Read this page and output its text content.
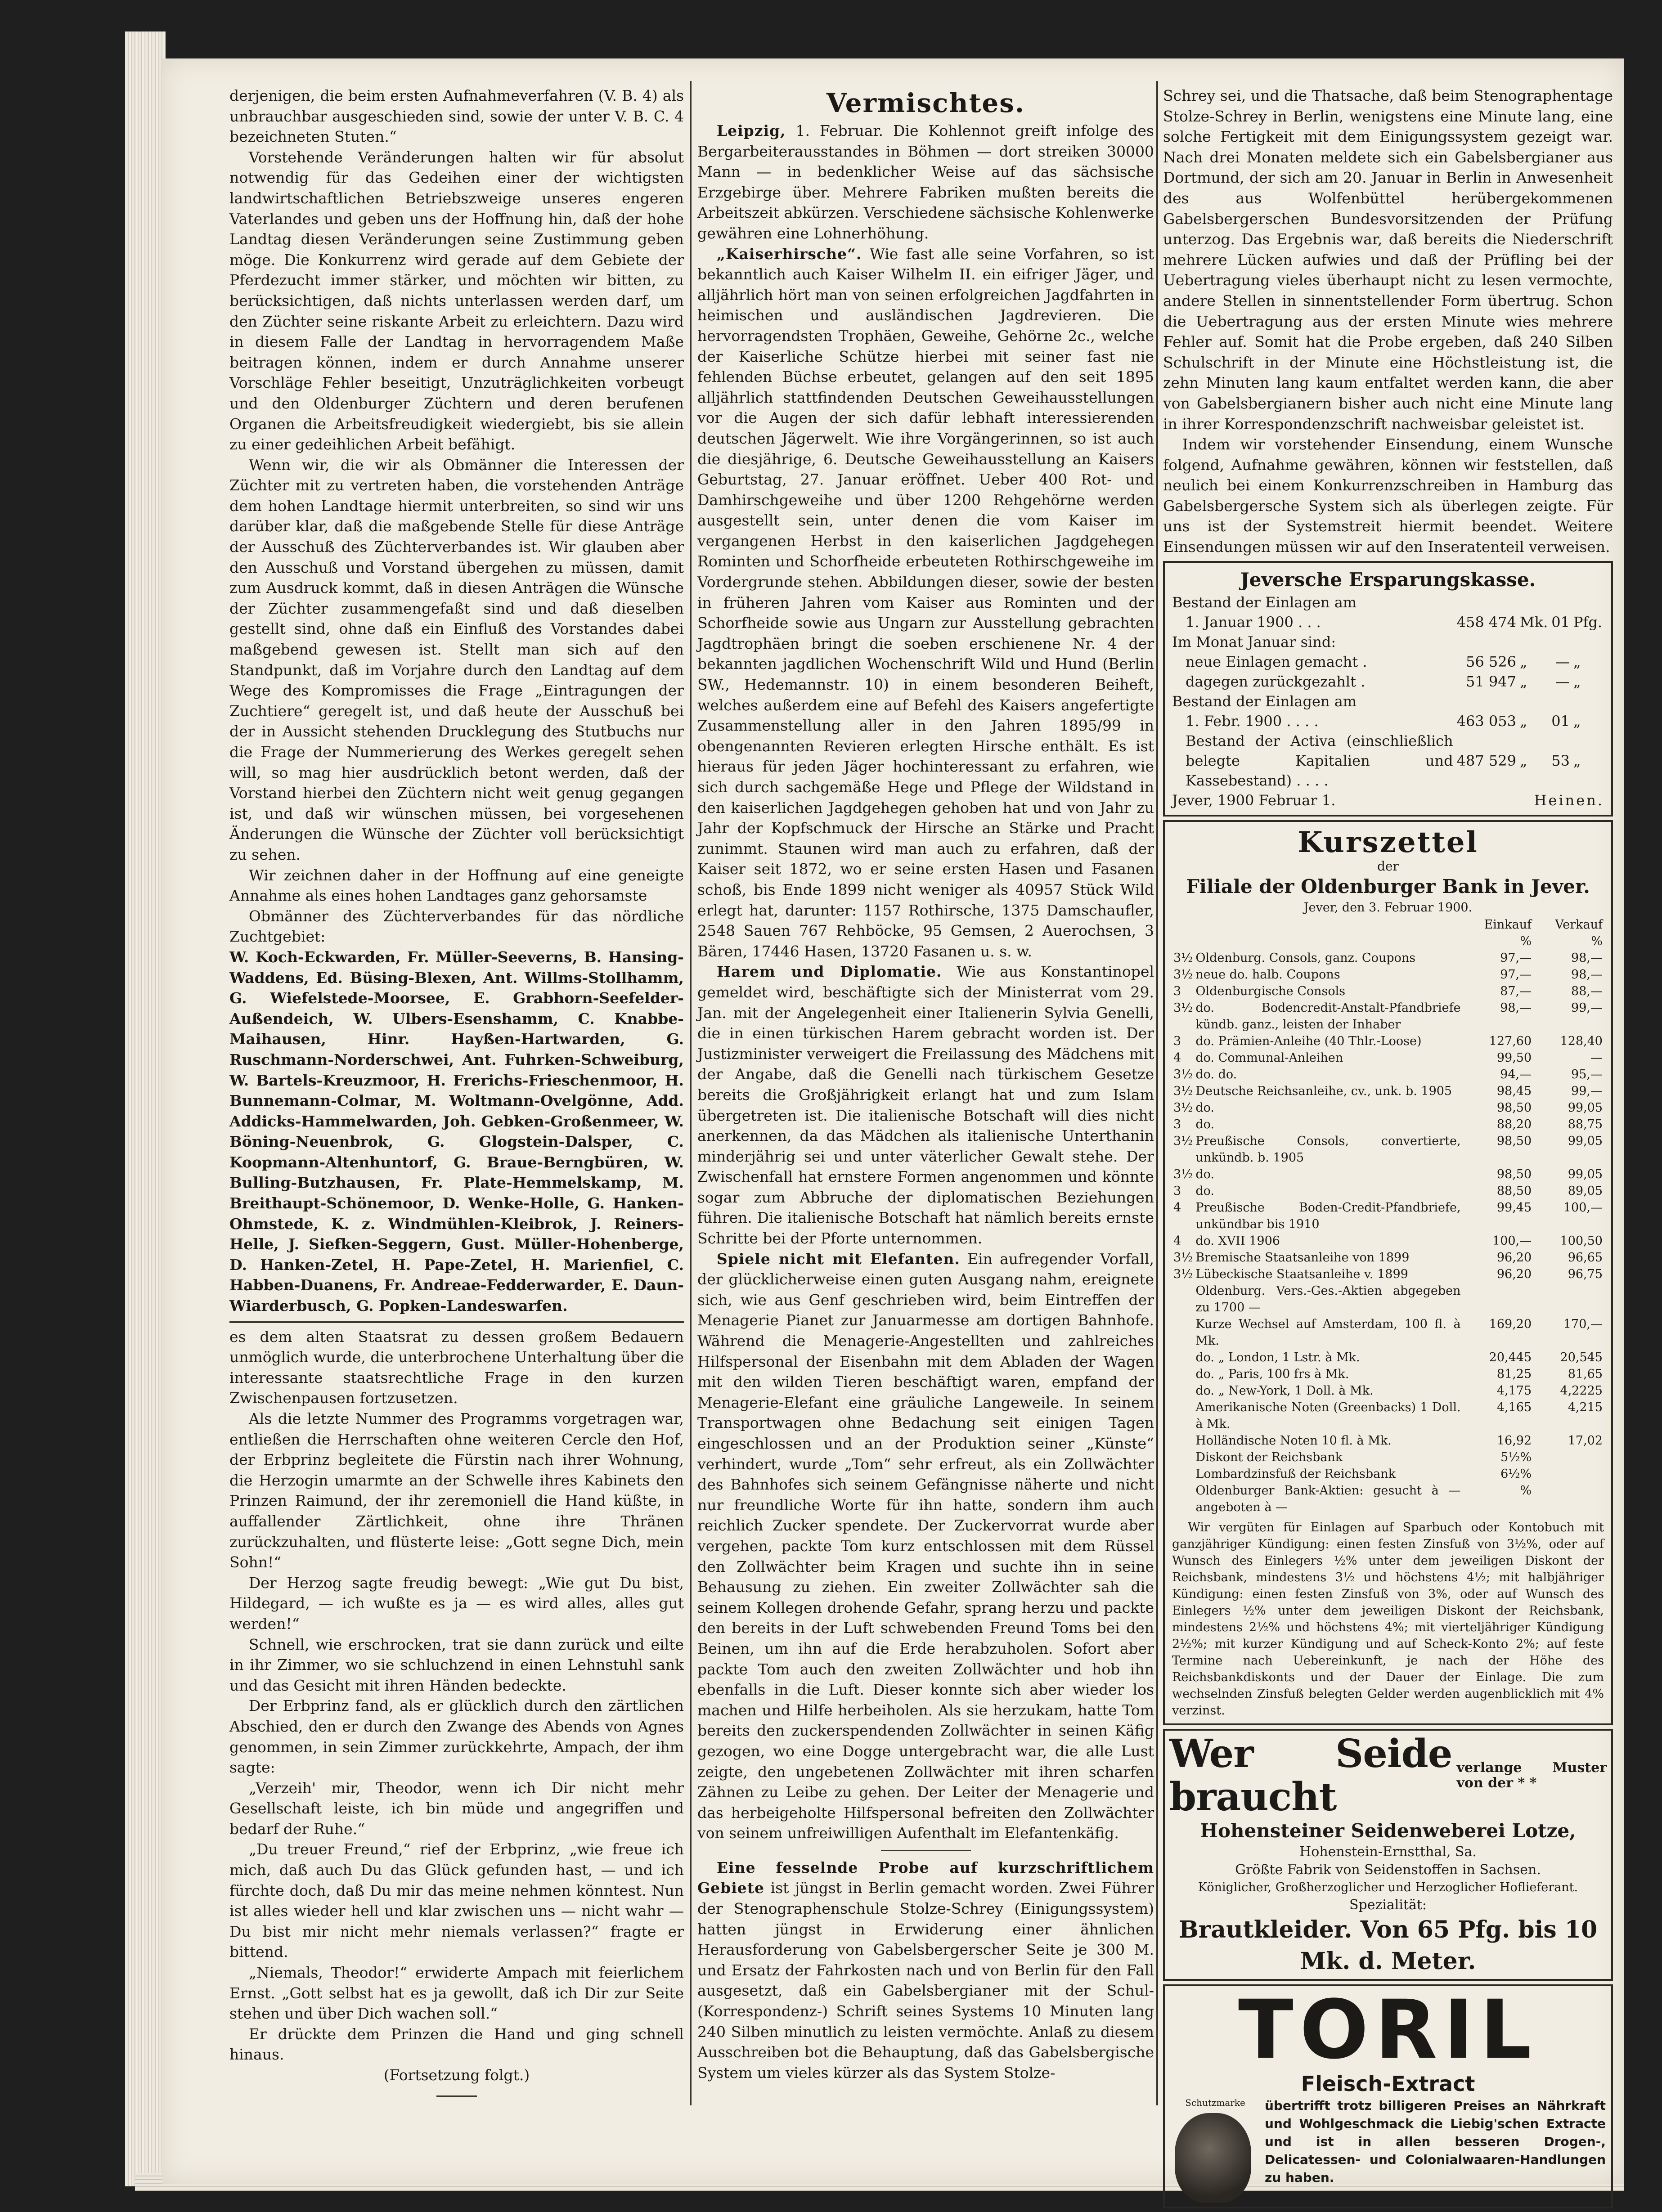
derjenigen, die beim ersten Aufnahmeverfahren (V. B. 4) als unbrauchbar ausgeschieden sind, sowie der unter V. B. C. 4 bezeichneten Stuten.“

Vorstehende Veränderungen halten wir für absolut notwendig für das Gedeihen einer der wichtigsten landwirtschaftlichen Betriebszweige unseres engeren Vaterlandes und geben uns der Hoffnung hin, daß der hohe Landtag diesen Veränderungen seine Zustimmung geben möge. Die Konkurrenz wird gerade auf dem Gebiete der Pferdezucht immer stärker, und möchten wir bitten, zu berücksichtigen, daß nichts unterlassen werden darf, um den Züchter seine riskante Arbeit zu erleichtern. Dazu wird in diesem Falle der Landtag in hervorragendem Maße beitragen können, indem er durch Annahme unserer Vorschläge Fehler beseitigt, Unzuträglichkeiten vorbeugt und den Oldenburger Züchtern und deren berufenen Organen die Arbeitsfreudigkeit wiedergiebt, bis sie allein zu einer gedeihlichen Arbeit befähigt.

Wenn wir, die wir als Obmänner die Interessen der Züchter mit zu vertreten haben, die vorstehenden Anträge dem hohen Landtage hiermit unterbreiten, so sind wir uns darüber klar, daß die maßgebende Stelle für diese Anträge der Ausschuß des Züchterverbandes ist. Wir glauben aber den Ausschuß und Vorstand übergehen zu müssen, damit zum Ausdruck kommt, daß in diesen Anträgen die Wünsche der Züchter zusammengefaßt sind und daß dieselben gestellt sind, ohne daß ein Einfluß des Vorstandes dabei maßgebend gewesen ist. Stellt man sich auf den Standpunkt, daß im Vorjahre durch den Landtag auf dem Wege des Kompromisses die Frage „Eintragungen der Zuchtiere“ geregelt ist, und daß heute der Ausschuß bei der in Aussicht stehenden Drucklegung des Stutbuchs nur die Frage der Nummerierung des Werkes geregelt sehen will, so mag hier ausdrücklich betont werden, daß der Vorstand hierbei den Züchtern nicht weit genug gegangen ist, und daß wir wünschen müssen, bei vorgesehenen Änderungen die Wünsche der Züchter voll berücksichtigt zu sehen.

Wir zeichnen daher in der Hoffnung auf eine geneigte Annahme als eines hohen Landtages ganz gehorsamste

Obmänner des Züchterverbandes für das nördliche Zuchtgebiet:

W. Koch-Eckwarden, Fr. Müller-Seeverns, B. Hansing-Waddens, Ed. Büsing-Blexen, Ant. Willms-Stollhamm, G. Wiefelstede-Moorsee, E. Grabhorn-Seefelder-Außendeich, W. Ulbers-Esenshamm, C. Knabbe-Maihausen, Hinr. Hayßen-Hartwarden, G. Ruschmann-Norderschwei, Ant. Fuhrken-Schweiburg, W. Bartels-Kreuzmoor, H. Frerichs-Frieschenmoor, H. Bunnemann-Colmar, M. Woltmann-Ovelgönne, Add. Addicks-Hammelwarden, Joh. Gebken-Großenmeer, W. Böning-Neuenbrok, G. Glogstein-Dalsper, C. Koopmann-Altenhuntorf, G. Braue-Berngbüren, W. Bulling-Butzhausen, Fr. Plate-Hemmelskamp, M. Breithaupt-Schönemoor, D. Wenke-Holle, G. Hanken-Ohmstede, K. z. Windmühlen-Kleibrok, J. Reiners-Helle, J. Siefken-Seggern, Gust. Müller-Hohenberge, D. Hanken-Zetel, H. Pape-Zetel, H. Marienfiel, C. Habben-Duanens, Fr. Andreae-Fedderwarder, E. Daun-Wiarderbusch, G. Popken-Landeswarfen.

es dem alten Staatsrat zu dessen großem Bedauern unmöglich wurde, die unterbrochene Unterhaltung über die interessante staatsrechtliche Frage in den kurzen Zwischenpausen fortzusetzen.

Als die letzte Nummer des Programms vorgetragen war, entließen die Herrschaften ohne weiteren Cercle den Hof, der Erbprinz begleitete die Fürstin nach ihrer Wohnung, die Herzogin umarmte an der Schwelle ihres Kabinets den Prinzen Raimund, der ihr zeremoniell die Hand küßte, in auffallender Zärtlichkeit, ohne ihre Thränen zurückzuhalten, und flüsterte leise: „Gott segne Dich, mein Sohn!“

Der Herzog sagte freudig bewegt: „Wie gut Du bist, Hildegard, — ich wußte es ja — es wird alles, alles gut werden!“

Schnell, wie erschrocken, trat sie dann zurück und eilte in ihr Zimmer, wo sie schluchzend in einen Lehnstuhl sank und das Gesicht mit ihren Händen bedeckte.

Der Erbprinz fand, als er glücklich durch den zärtlichen Abschied, den er durch den Zwange des Abends von Agnes genommen, in sein Zimmer zurückkehrte, Ampach, der ihm sagte:

„Verzeih' mir, Theodor, wenn ich Dir nicht mehr Gesellschaft leiste, ich bin müde und angegriffen und bedarf der Ruhe.“

„Du treuer Freund,“ rief der Erbprinz, „wie freue ich mich, daß auch Du das Glück gefunden hast, — und ich fürchte doch, daß Du mir das meine nehmen könntest. Nun ist alles wieder hell und klar zwischen uns — nicht wahr — Du bist mir nicht mehr niemals verlassen?“ fragte er bittend.

„Niemals, Theodor!“ erwiderte Ampach mit feierlichem Ernst. „Gott selbst hat es ja gewollt, daß ich Dir zur Seite stehen und über Dich wachen soll.“

Er drückte dem Prinzen die Hand und ging schnell hinaus.

(Fortsetzung folgt.)

Vermischtes.

Leipzig, 1. Februar. Die Kohlennot greift infolge des Bergarbeiterausstandes in Böhmen — dort streiken 30000 Mann — in bedenklicher Weise auf das sächsische Erzgebirge über. Mehrere Fabriken mußten bereits die Arbeitszeit abkürzen. Verschiedene sächsische Kohlenwerke gewähren eine Lohnerhöhung.

„Kaiserhirsche“. Wie fast alle seine Vorfahren, so ist bekanntlich auch Kaiser Wilhelm II. ein eifriger Jäger, und alljährlich hört man von seinen erfolgreichen Jagdfahrten in heimischen und ausländischen Jagdrevieren. Die hervorragendsten Trophäen, Geweihe, Gehörne 2c., welche der Kaiserliche Schütze hierbei mit seiner fast nie fehlenden Büchse erbeutet, gelangen auf den seit 1895 alljährlich stattfindenden Deutschen Geweihausstellungen vor die Augen der sich dafür lebhaft interessierenden deutschen Jägerwelt. Wie ihre Vorgängerinnen, so ist auch die diesjährige, 6. Deutsche Geweihausstellung an Kaisers Geburtstag, 27. Januar eröffnet. Ueber 400 Rot- und Damhirschgeweihe und über 1200 Rehgehörne werden ausgestellt sein, unter denen die vom Kaiser im vergangenen Herbst in den kaiserlichen Jagdgehegen Rominten und Schorfheide erbeuteten Rothirschgeweihe im Vordergrunde stehen. Abbildungen dieser, sowie der besten in früheren Jahren vom Kaiser aus Rominten und der Schorfheide sowie aus Ungarn zur Ausstellung gebrachten Jagdtrophäen bringt die soeben erschienene Nr. 4 der bekannten jagdlichen Wochenschrift Wild und Hund (Berlin SW., Hedemannstr. 10) in einem besonderen Beiheft, welches außerdem eine auf Befehl des Kaisers angefertigte Zusammenstellung aller in den Jahren 1895/99 in obengenannten Revieren erlegten Hirsche enthält. Es ist hieraus für jeden Jäger hochinteressant zu erfahren, wie sich durch sachgemäße Hege und Pflege der Wildstand in den kaiserlichen Jagdgehegen gehoben hat und von Jahr zu Jahr der Kopfschmuck der Hirsche an Stärke und Pracht zunimmt. Staunen wird man auch zu erfahren, daß der Kaiser seit 1872, wo er seine ersten Hasen und Fasanen schoß, bis Ende 1899 nicht weniger als 40957 Stück Wild erlegt hat, darunter: 1157 Rothirsche, 1375 Damschaufler, 2548 Sauen 767 Rehböcke, 95 Gemsen, 2 Auerochsen, 3 Bären, 17446 Hasen, 13720 Fasanen u. s. w.

Harem und Diplomatie. Wie aus Konstantinopel gemeldet wird, beschäftigte sich der Ministerrat vom 29. Jan. mit der Angelegenheit einer Italienerin Sylvia Genelli, die in einen türkischen Harem gebracht worden ist. Der Justizminister verweigert die Freilassung des Mädchens mit der Angabe, daß die Genelli nach türkischem Gesetze bereits die Großjährigkeit erlangt hat und zum Islam übergetreten ist. Die italienische Botschaft will dies nicht anerkennen, da das Mädchen als italienische Unterthanin minderjährig sei und unter väterlicher Gewalt stehe. Der Zwischenfall hat ernstere Formen angenommen und könnte sogar zum Abbruche der diplomatischen Beziehungen führen. Die italienische Botschaft hat nämlich bereits ernste Schritte bei der Pforte unternommen.

Spiele nicht mit Elefanten. Ein aufregender Vorfall, der glücklicherweise einen guten Ausgang nahm, ereignete sich, wie aus Genf geschrieben wird, beim Eintreffen der Menagerie Pianet zur Januarmesse am dortigen Bahnhofe. Während die Menagerie-Angestellten und zahlreiches Hilfspersonal der Eisenbahn mit dem Abladen der Wagen mit den wilden Tieren beschäftigt waren, empfand der Menagerie-Elefant eine gräuliche Langeweile. In seinem Transportwagen ohne Bedachung seit einigen Tagen eingeschlossen und an der Produktion seiner „Künste“ verhindert, wurde „Tom“ sehr erfreut, als ein Zollwächter des Bahnhofes sich seinem Gefängnisse näherte und nicht nur freundliche Worte für ihn hatte, sondern ihm auch reichlich Zucker spendete. Der Zuckervorrat wurde aber vergehen, packte Tom kurz entschlossen mit dem Rüssel den Zollwächter beim Kragen und suchte ihn in seine Behausung zu ziehen. Ein zweiter Zollwächter sah die seinem Kollegen drohende Gefahr, sprang herzu und packte den bereits in der Luft schwebenden Freund Toms bei den Beinen, um ihn auf die Erde herabzuholen. Sofort aber packte Tom auch den zweiten Zollwächter und hob ihn ebenfalls in die Luft. Dieser konnte sich aber wieder los machen und Hilfe herbeiholen. Als sie herzukam, hatte Tom bereits den zuckerspendenden Zollwächter in seinen Käfig gezogen, wo eine Dogge untergebracht war, die alle Lust zeigte, den ungebetenen Zollwächter mit ihren scharfen Zähnen zu Leibe zu gehen. Der Leiter der Menagerie und das herbeigeholte Hilfspersonal befreiten den Zollwächter von seinem unfreiwilligen Aufenthalt im Elefantenkäfig.

Eine fesselnde Probe auf kurzschriftlichem Gebiete ist jüngst in Berlin gemacht worden. Zwei Führer der Stenographenschule Stolze-Schrey (Einigungssystem) hatten jüngst in Erwiderung einer ähnlichen Herausforderung von Gabelsbergerscher Seite je 300 M. und Ersatz der Fahrkosten nach und von Berlin für den Fall ausgesetzt, daß ein Gabelsbergianer mit der Schul- (Korrespondenz-) Schrift seines Systems 10 Minuten lang 240 Silben minutlich zu leisten vermöchte. Anlaß zu diesem Ausschreiben bot die Behauptung, daß das Gabelsbergische System um vieles kürzer als das System Stolze-

Schrey sei, und die Thatsache, daß beim Stenographentage Stolze-Schrey in Berlin, wenigstens eine Minute lang, eine solche Fertigkeit mit dem Einigungssystem gezeigt war. Nach drei Monaten meldete sich ein Gabelsbergianer aus Dortmund, der sich am 20. Januar in Berlin in Anwesenheit des aus Wolfenbüttel herübergekommenen Gabelsbergerschen Bundesvorsitzenden der Prüfung unterzog. Das Ergebnis war, daß bereits die Niederschrift mehrere Lücken aufwies und daß der Prüfling bei der Uebertragung vieles überhaupt nicht zu lesen vermochte, andere Stellen in sinnentstellender Form übertrug. Schon die Uebertragung aus der ersten Minute wies mehrere Fehler auf. Somit hat die Probe ergeben, daß 240 Silben Schulschrift in der Minute eine Höchstleistung ist, die zehn Minuten lang kaum entfaltet werden kann, die aber von Gabelsbergianern bisher auch nicht eine Minute lang in ihrer Korrespondenzschrift nachweisbar geleistet ist.

Indem wir vorstehender Einsendung, einem Wunsche folgend, Aufnahme gewähren, können wir feststellen, daß neulich bei einem Konkurrenzschreiben in Hamburg das Gabelsbergersche System sich als überlegen zeigte. Für uns ist der Systemstreit hiermit beendet. Weitere Einsendungen müssen wir auf den Inseratenteil verweisen.

Jeversche Ersparungskasse.
Bestand der Einlagen am				
1. Januar 1900 . . .	458 474	Mk.	01	Pfg.
Im Monat Januar sind:				
neue Einlagen gemacht .	56 526	„	—	„
dagegen zurückgezahlt .	51 947	„	—	„
Bestand der Einlagen am				
1. Febr. 1900 . . . .	463 053	„	01	„
Bestand der Activa (einschließlich belegte Kapitalien und Kassebestand) . . . .	487 529	„	53	„
Jever, 1900 Februar 1.	Heinen.
Kurszettel
der
Filiale der Oldenburger Bank in Jever.
Jever, den 3. Februar 1900.
		Einkauf	Verkauf
		%	%
3½	Oldenburg. Consols, ganz. Coupons	97,—	98,—
3½	neue do. halb. Coupons	97,—	98,—
3	Oldenburgische Consols	87,—	88,—
3½	do. Bodencredit-Anstalt-Pfandbriefe kündb. ganz., leisten der Inhaber	98,—	99,—
3	do. Prämien-Anleihe (40 Thlr.-Loose)	127,60	128,40
4	do. Communal-Anleihen	99,50	—
3½	do. do.	94,—	95,—
3½	Deutsche Reichsanleihe, cv., unk. b. 1905	98,45	99,—
3½	do.	98,50	99,05
3	do.	88,20	88,75
3½	Preußische Consols, convertierte, unkündb. b. 1905	98,50	99,05
3½	do.	98,50	99,05
3	do.	88,50	89,05
4	Preußische Boden-Credit-Pfandbriefe, unkündbar bis 1910	99,45	100,—
4	do. XVII 1906	100,—	100,50
3½	Bremische Staatsanleihe von 1899	96,20	96,65
3½	Lübeckische Staatsanleihe v. 1899	96,20	96,75
	Oldenburg. Vers.-Ges.-Aktien abgegeben zu 1700 —		
	Kurze Wechsel auf Amsterdam, 100 fl. à Mk.	169,20	170,—
	do. „ London, 1 Lstr. à Mk.	20,445	20,545
	do. „ Paris, 100 frs à Mk.	81,25	81,65
	do. „ New-York, 1 Doll. à Mk.	4,175	4,2225
	Amerikanische Noten (Greenbacks) 1 Doll. à Mk.	4,165	4,215
	Holländische Noten 10 fl. à Mk.	16,92	17,02
	Diskont der Reichsbank	5½%	
	Lombardzinsfuß der Reichsbank	6½%	
	Oldenburger Bank-Aktien: gesucht à — angeboten à —	%	

Wir vergüten für Einlagen auf Sparbuch oder Kontobuch mit ganzjähriger Kündigung: einen festen Zinsfuß von 3½%, oder auf Wunsch des Einlegers ½% unter dem jeweiligen Diskont der Reichsbank, mindestens 3½ und höchstens 4½; mit halbjähriger Kündigung: einen festen Zinsfuß von 3%, oder auf Wunsch des Einlegers ½% unter dem jeweiligen Diskont der Reichsbank, mindestens 2½% und höchstens 4%; mit vierteljähriger Kündigung 2½%; mit kurzer Kündigung und auf Scheck-Konto 2%; auf feste Termine nach Uebereinkunft, je nach der Höhe des Reichsbankdiskonts und der Dauer der Einlage. Die zum wechselnden Zinsfuß belegten Gelder werden augenblicklich mit 4% verzinst.

Wer Seide braucht
verlange Muster von der * *
Hohensteiner Seidenweberei Lotze,
Hohenstein-Ernstthal, Sa.
Größte Fabrik von Seidenstoffen in Sachsen.
Königlicher, Großherzoglicher und Herzoglicher Hoflieferant.
Spezialität:
Brautkleider. Von 65 Pfg. bis 10 Mk. d. Meter.
TORIL
Fleisch-Extract
Schutzmarke	übertrifft trotz billigeren Preises an Nährkraft und Wohlgeschmack die Liebig'schen Extracte und ist in allen besseren Drogen-, Delicatessen- und Colonialwaaren-Handlungen zu haben.
